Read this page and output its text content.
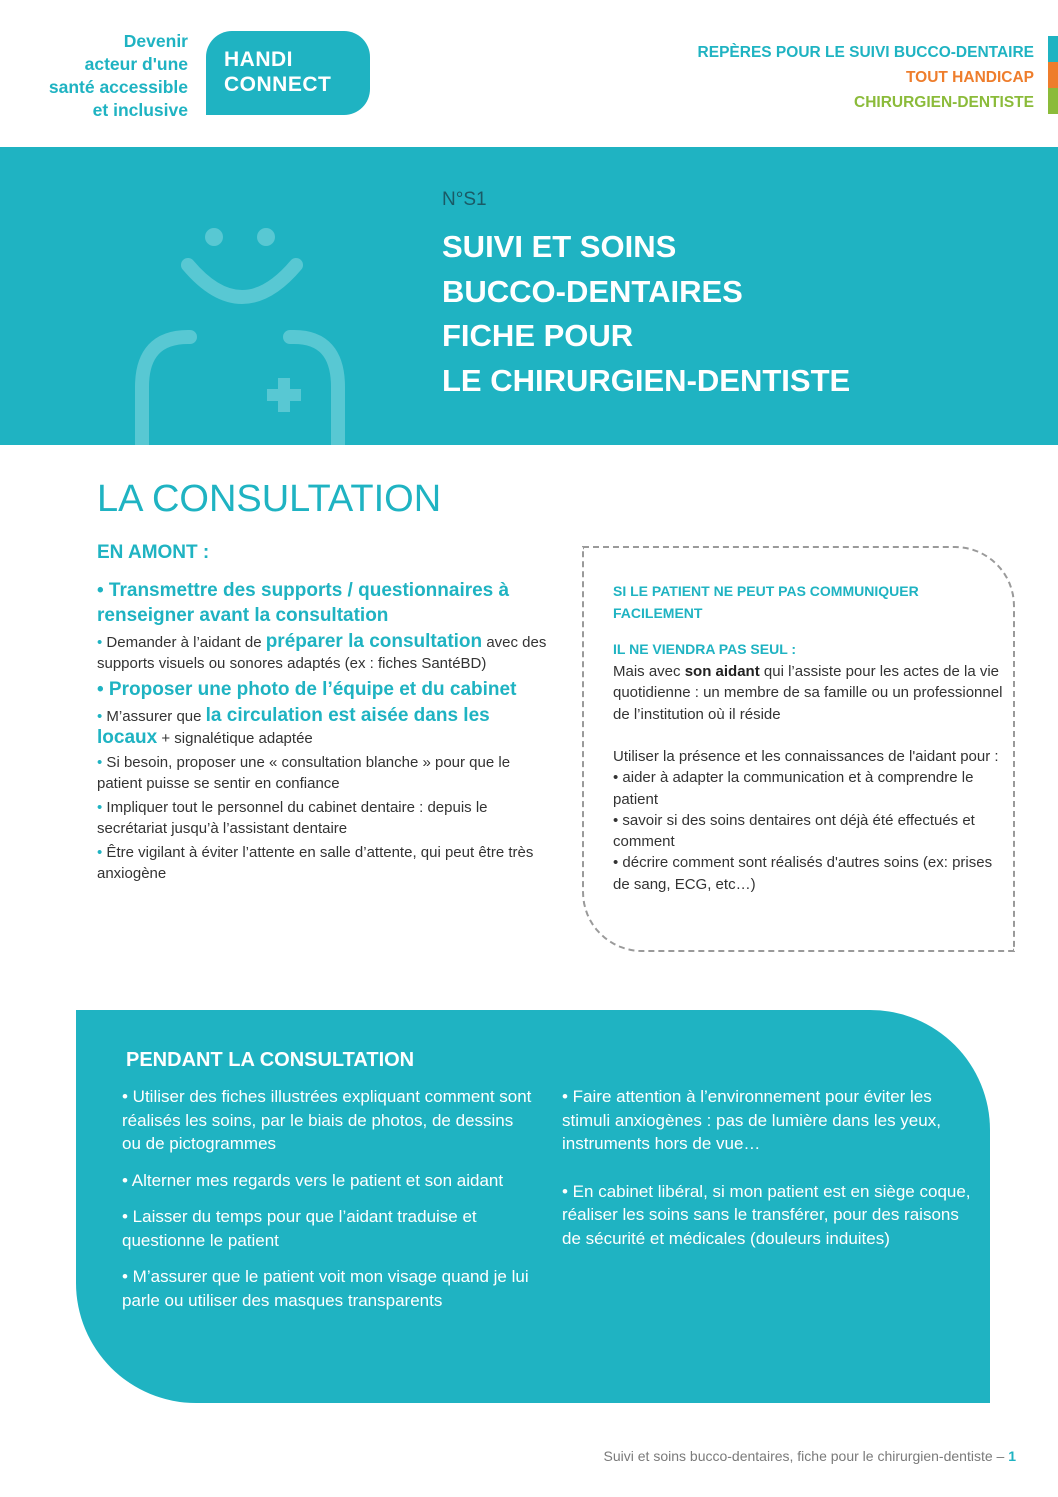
Devenir
acteur d'une
santé accessible
et inclusive
HANDI
CONNECT
REPÈRES POUR LE SUIVI BUCCO-DENTAIRE
TOUT HANDICAP
CHIRURGIEN-DENTISTE
N°S1
SUIVI ET SOINS
BUCCO-DENTAIRES
FICHE POUR
LE CHIRURGIEN-DENTISTE
LA CONSULTATION
EN AMONT :
• Transmettre des supports / questionnaires à renseigner avant la consultation
• Demander à l’aidant de préparer la consultation avec des supports visuels ou sonores adaptés (ex : fiches SantéBD)
• Proposer une photo de l’équipe et du cabinet
• M’assurer que la circulation est aisée dans les locaux + signalétique adaptée
• Si besoin, proposer une « consultation blanche » pour que le patient puisse se sentir en confiance
• Impliquer tout le personnel du cabinet dentaire : depuis le secrétariat jusqu’à l’assistant dentaire
• Être vigilant à éviter l’attente en salle d’attente, qui peut être très anxiogène
SI LE PATIENT NE PEUT PAS COMMUNIQUER FACILEMENT
IL NE VIENDRA PAS SEUL :
Mais avec son aidant qui l’assiste pour les actes de la vie quotidienne : un membre de sa famille ou un professionnel de l’institution où il réside
Utiliser la présence et les connaissances de l'aidant pour :
• aider à adapter la communication et à comprendre le patient
• savoir si des soins dentaires ont déjà été effectués et comment
• décrire comment sont réalisés d'autres soins (ex: prises de sang, ECG, etc…)
PENDANT LA CONSULTATION
• Utiliser des fiches illustrées expliquant comment sont réalisés les soins, par le biais de photos, de dessins ou de pictogrammes
• Alterner mes regards vers le patient et son aidant
• Laisser du temps pour que l’aidant traduise et questionne le patient
• M’assurer que le patient voit mon visage quand je lui parle ou utiliser des masques transparents
• Faire attention à l’environnement pour éviter les stimuli anxiogènes : pas de lumière dans les yeux, instruments hors de vue…
• En cabinet libéral, si mon patient est en siège coque, réaliser les soins sans le transférer, pour des raisons de sécurité et médicales (douleurs induites)
Suivi et soins bucco-dentaires, fiche pour le chirurgien-dentiste – 1
